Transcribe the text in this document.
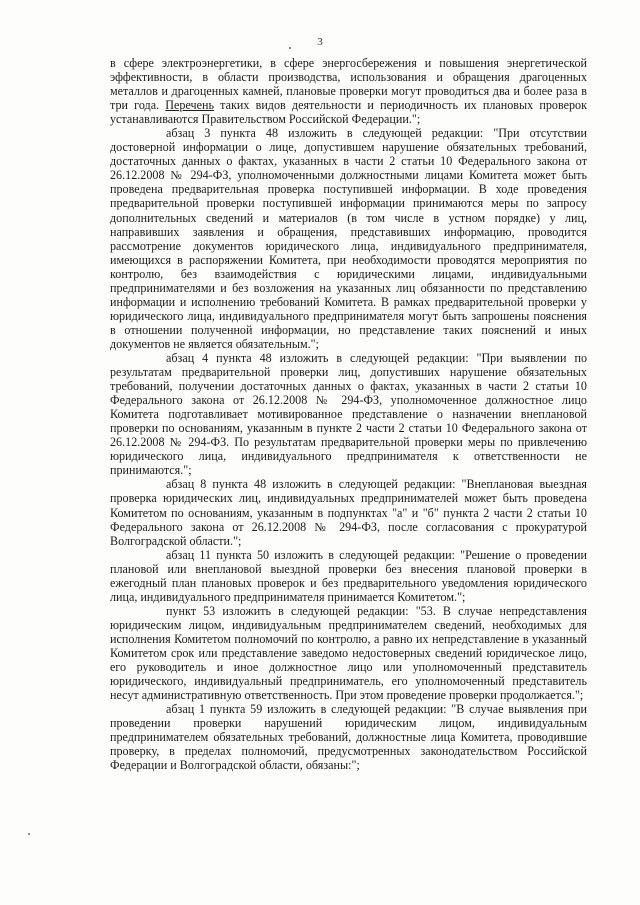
3

в сфере электроэнергетики, в сфере энергосбережения и повышения энергетической эффективности, в области производства, использования и обращения драгоценных металлов и драгоценных камней, плановые проверки могут проводиться два и более раза в три года. Перечень таких видов деятельности и периодичность их плановых проверок устанавливаются Правительством Российской Федерации.";

абзац 3 пункта 48 изложить в следующей редакции: "При отсутствии достоверной информации о лице, допустившем нарушение обязательных требований, достаточных данных о фактах, указанных в части 2 статьи 10 Федерального закона от 26.12.2008 № 294-ФЗ, уполномоченными должностными лицами Комитета может быть проведена предварительная проверка поступившей информации. В ходе проведения предварительной проверки поступившей информации принимаются меры по запросу дополнительных сведений и материалов (в том числе в устном порядке) у лиц, направивших заявления и обращения, представивших информацию, проводится рассмотрение документов юридического лица, индивидуального предпринимателя, имеющихся в распоряжении Комитета, при необходимости проводятся мероприятия по контролю, без взаимодействия с юридическими лицами, индивидуальными предпринимателями и без возложения на указанных лиц обязанности по представлению информации и исполнению требований Комитета. В рамках предварительной проверки у юридического лица, индивидуального предпринимателя могут быть запрошены пояснения в отношении полученной информации, но представление таких пояснений и иных документов не является обязательным.";

абзац 4 пункта 48 изложить в следующей редакции: "При выявлении по результатам предварительной проверки лиц, допустивших нарушение обязательных требований, получении достаточных данных о фактах, указанных в части 2 статьи 10 Федерального закона от 26.12.2008 № 294-ФЗ, уполномоченное должностное лицо Комитета подготавливает мотивированное представление о назначении внеплановой проверки по основаниям, указанным в пункте 2 части 2 статьи 10 Федерального закона от 26.12.2008 № 294-ФЗ. По результатам предварительной проверки меры по привлечению юридического лица, индивидуального предпринимателя к ответственности не принимаются.";

абзац 8 пункта 48 изложить в следующей редакции: "Внеплановая выездная проверка юридических лиц, индивидуальных предпринимателей может быть проведена Комитетом по основаниям, указанным в подпунктах "а" и "б" пункта 2 части 2 статьи 10 Федерального закона от 26.12.2008 № 294-ФЗ, после согласования с прокуратурой Волгоградской области.";

абзац 11 пункта 50 изложить в следующей редакции: "Решение о проведении плановой или внеплановой выездной проверки без внесения плановой проверки в ежегодный план плановых проверок и без предварительного уведомления юридического лица, индивидуального предпринимателя принимается Комитетом.";

пункт 53 изложить в следующей редакции: "53. В случае непредставления юридическим лицом, индивидуальным предпринимателем сведений, необходимых для исполнения Комитетом полномочий по контролю, а равно их непредставление в указанный Комитетом срок или представление заведомо недостоверных сведений юридическое лицо, его руководитель и иное должностное лицо или уполномоченный представитель юридического, индивидуальный предприниматель, его уполномоченный представитель несут административную ответственность. При этом проведение проверки продолжается.";

абзац 1 пункта 59 изложить в следующей редакции: "В случае выявления при проведении проверки нарушений юридическим лицом, индивидуальным предпринимателем обязательных требований, должностные лица Комитета, проводившие проверку, в пределах полномочий, предусмотренных законодательством Российской Федерации и Волгоградской области, обязаны:";
